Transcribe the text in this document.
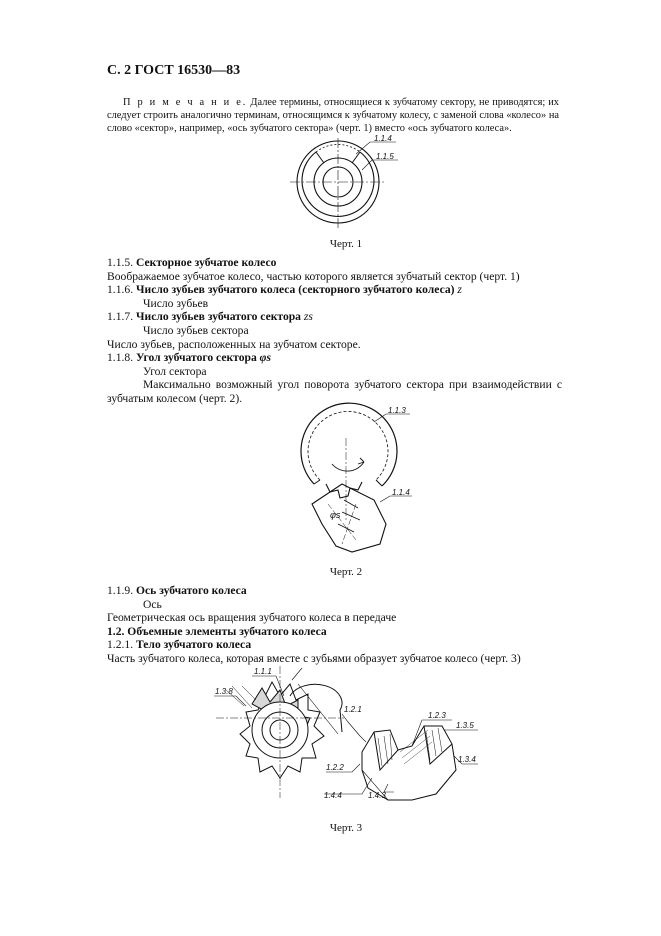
С. 2 ГОСТ 16530—83

П р и м е ч а н и е. Далее термины, относящиеся к зубчатому сектору, не приводятся; их следует строить аналогично терминам, относящимся к зубчатому колесу, с заменой слова «колесо» на слово «сектор», например, «ось зубчатого сектора» (черт. 1) вместо «ось зубчатого колеса».

1.1.4
1.1.5
Черт. 1
1.1.5. Секторное зубчатое колесо
Воображаемое зубчатое колесо, частью которого является зубчатый сектор (черт. 1)
1.1.6. Число зубьев зубчатого колеса (секторного зубчатого колеса) z
Число зубьев
1.1.7. Число зубьев зубчатого сектора zs
Число зубьев сектора
Число зубьев, расположенных на зубчатом секторе.
1.1.8. Угол зубчатого сектора φs
Угол сектора
Максимально возможный угол поворота зубчатого сектора при взаимодействии с зубчатым колесом (черт. 2).
φs
1.1.3
1.1.4
Черт. 2
1.1.9. Ось зубчатого колеса
Ось
Геометрическая ось вращения зубчатого колеса в передаче
1.2. Объемные элементы зубчатого колеса
1.2.1. Тело зубчатого колеса
Часть зубчатого колеса, которая вместе с зубьями образует зубчатое колесо (черт. 3)
1.1.1
1.3.8
1.2.1
1.2.3
1.3.5
1.3.4
1.2.2
1.4.4	1.4.3
Черт. 3
